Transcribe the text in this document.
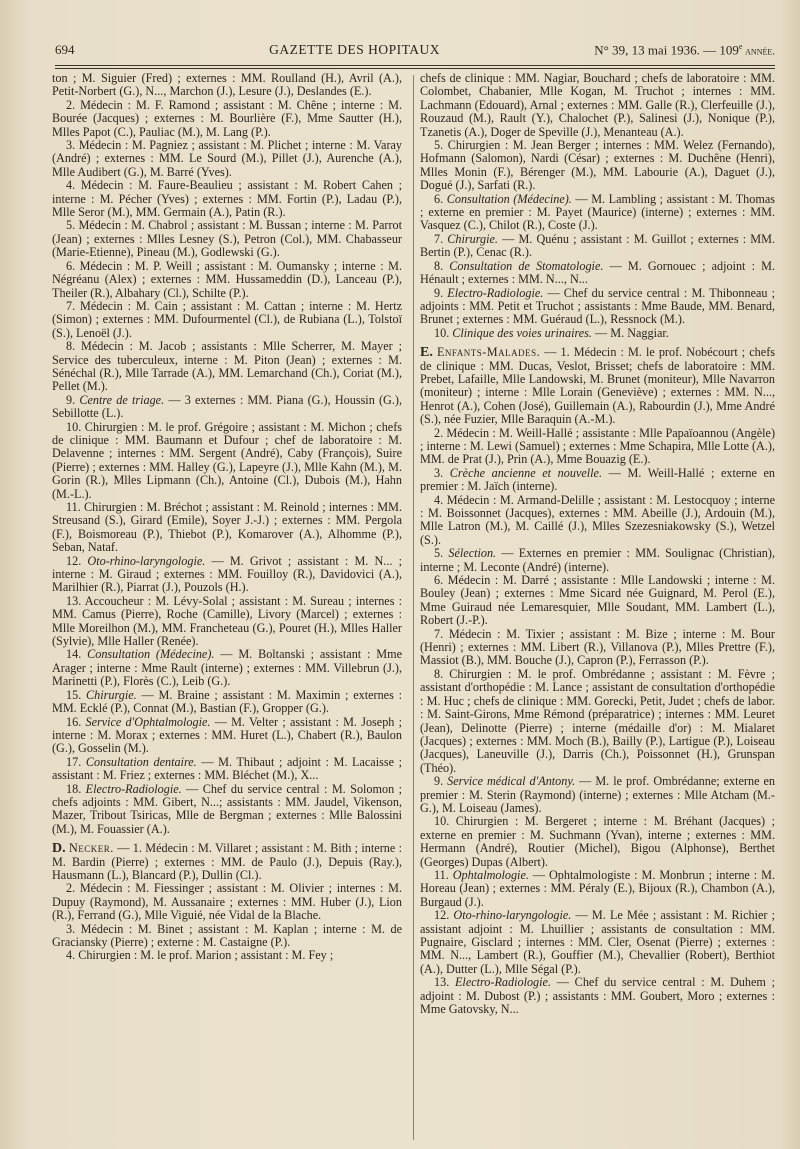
694	GAZETTE DES HOPITAUX	N° 39, 13 mai 1936. — 109e année.

ton ; M. Siguier (Fred) ; externes : MM. Roulland (H.), Avril (A.), Petit-Norbert (G.), N..., Marchon (J.), Lesure (J.), Deslandes (E.).

2. Médecin : M. F. Ramond ; assistant : M. Chêne ; interne : M. Bourée (Jacques) ; externes : M. Bourlière (F.), Mme Sautter (H.), Mlles Papot (C.), Pauliac (M.), M. Lang (P.).

3. Médecin : M. Pagniez ; assistant : M. Plichet ; interne : M. Varay (André) ; externes : MM. Le Sourd (M.), Pillet (J.), Aurenche (A.), Mlle Audibert (G.), M. Barré (Yves).

4. Médecin : M. Faure-Beaulieu ; assistant : M. Robert Cahen ; interne : M. Pécher (Yves) ; externes : MM. Fortin (P.), Ladau (P.), Mlle Seror (M.), MM. Germain (A.), Patin (R.).

5. Médecin : M. Chabrol ; assistant : M. Bussan ; interne : M. Parrot (Jean) ; externes : Mlles Lesney (S.), Petron (Col.), MM. Chabasseur (Marie-Etienne), Pineau (M.), Godlewski (G.).

6. Médecin : M. P. Weill ; assistant : M. Oumansky ; interne : M. Négréanu (Alex) ; externes : MM. Hussameddin (D.), Lanceau (P.), Theiler (R.), Albahary (Cl.), Schilte (P.).

7. Médecin : M. Cain ; assistant : M. Cattan ; interne : M. Hertz (Simon) ; externes : MM. Dufourmentel (Cl.), de Rubiana (L.), Tolstoï (S.), Lenoël (J.).

8. Médecin : M. Jacob ; assistants : Mlle Scherrer, M. Mayer ; Service des tuberculeux, interne : M. Piton (Jean) ; externes : M. Sénéchal (R.), Mlle Tarrade (A.), MM. Lemarchand (Ch.), Coriat (M.), Pellet (M.).

9. Centre de triage. — 3 externes : MM. Piana (G.), Houssin (G.), Sebillotte (L.).

10. Chirurgien : M. le prof. Grégoire ; assistant : M. Michon ; chefs de clinique : MM. Baumann et Dufour ; chef de laboratoire : M. Delavenne ; internes : MM. Sergent (André), Caby (François), Suire (Pierre) ; externes : MM. Halley (G.), Lapeyre (J.), Mlle Kahn (M.), M. Gorin (R.), Mlles Lipmann (Ch.), Antoine (Cl.), Dubois (M.), Hahn (M.-L.).

11. Chirurgien : M. Bréchot ; assistant : M. Reinold ; internes : MM. Streusand (S.), Girard (Emile), Soyer J.-J.) ; externes : MM. Pergola (F.), Boismoreau (P.), Thiebot (P.), Komarover (A.), Alhomme (P.), Seban, Nataf.

12. Oto-rhino-laryngologie. — M. Grivot ; assistant : M. N... ; interne : M. Giraud ; externes : MM. Fouilloy (R.), Davidovici (A.), Marilhier (R.), Piarrat (J.), Pouzols (H.).

13. Accoucheur : M. Lévy-Solal ; assistant : M. Sureau ; internes : MM. Camus (Pierre), Roche (Camille), Livory (Marcel) ; externes : Mlle Moreilhon (M.), MM. Francheteau (G.), Pouret (H.), Mlles Haller (Sylvie), Mlle Haller (Renée).

14. Consultation (Médecine). — M. Boltanski ; assistant : Mme Arager ; interne : Mme Rault (interne) ; externes : MM. Villebrun (J.), Marinetti (P.), Florès (C.), Leib (G.).

15. Chirurgie. — M. Braine ; assistant : M. Maximin ; externes : MM. Ecklé (P.), Connat (M.), Bastian (F.), Gropper (G.).

16. Service d'Ophtalmologie. — M. Velter ; assistant : M. Joseph ; interne : M. Morax ; externes : MM. Huret (L.), Chabert (R.), Baulon (G.), Gosselin (M.).

17. Consultation dentaire. — M. Thibaut ; adjoint : M. Lacaisse ; assistant : M. Friez ; externes : MM. Bléchet (M.), X...

18. Electro-Radiologie. — Chef du service central : M. Solomon ; chefs adjoints : MM. Gibert, N...; assistants : MM. Jaudel, Vikenson, Mazer, Tribout Tsiricas, Mlle de Bergman ; externes : Mlle Balossini (M.), M. Fouassier (A.).

D. Necker. — 1. Médecin : M. Villaret ; assistant : M. Bith ; interne : M. Bardin (Pierre) ; externes : MM. de Paulo (J.), Depuis (Ray.), Hausmann (L.), Blancard (P.), Dullin (Cl.).

2. Médecin : M. Fiessinger ; assistant : M. Olivier ; internes : M. Dupuy (Raymond), M. Aussanaire ; externes : MM. Huber (J.), Lion (R.), Ferrand (G.), Mlle Viguié, née Vidal de la Blache.

3. Médecin : M. Binet ; assistant : M. Kaplan ; interne : M. de Graciansky (Pierre) ; externe : M. Castaigne (P.).

4. Chirurgien : M. le prof. Marion ; assistant : M. Fey ;

chefs de clinique : MM. Nagiar, Bouchard ; chefs de laboratoire : MM. Colombet, Chabanier, Mlle Kogan, M. Truchot ; internes : MM. Lachmann (Edouard), Arnal ; externes : MM. Galle (R.), Clerfeuille (J.), Rouzaud (M.), Rault (Y.), Chalochet (P.), Salinesi (J.), Nonique (P.), Tzanetis (A.), Doger de Speville (J.), Menanteau (A.).

5. Chirurgien : M. Jean Berger ; internes : MM. Welez (Fernando), Hofmann (Salomon), Nardi (César) ; externes : M. Duchêne (Henri), Mlles Monin (F.), Bérenger (M.), MM. Labourie (A.), Daguet (J.), Dogué (J.), Sarfati (R.).

6. Consultation (Médecine). — M. Lambling ; assistant : M. Thomas ; externe en premier : M. Payet (Maurice) (interne) ; externes : MM. Vasquez (C.), Chilot (R.), Coste (J.).

7. Chirurgie. — M. Quénu ; assistant : M. Guillot ; externes : MM. Bertin (P.), Cenac (R.).

8. Consultation de Stomatologie. — M. Gornouec ; adjoint : M. Hénault ; externes : MM. N..., N...

9. Electro-Radiologie. — Chef du service central : M. Thibonneau ; adjoints : MM. Petit et Truchot ; assistants : Mme Baude, MM. Benard, Brunet ; externes : MM. Guéraud (L.), Ressnock (M.).

10. Clinique des voies urinaires. — M. Naggiar.

E. Enfants-Malades. — 1. Médecin : M. le prof. Nobécourt ; chefs de clinique : MM. Ducas, Veslot, Brisset; chefs de laboratoire : MM. Prebet, Lafaille, Mlle Landowski, M. Brunet (moniteur), Mlle Navarron (moniteur) ; interne : Mlle Lorain (Geneviève) ; externes : MM. N..., Henrot (A.), Cohen (José), Guillemain (A.), Rabourdin (J.), Mme André (S.), née Fuzier, Mlle Baraquin (A.-M.).

2. Médecin : M. Weill-Hallé ; assistante : Mlle Papaïoannou (Angèle) ; interne : M. Lewi (Samuel) ; externes : Mme Schapira, Mlle Lotte (A.), MM. de Prat (J.), Prin (A.), Mme Bouazig (E.).

3. Crèche ancienne et nouvelle. — M. Weill-Hallé ; externe en premier : M. Jaïch (interne).

4. Médecin : M. Armand-Delille ; assistant : M. Lestocquoy ; interne : M. Boissonnet (Jacques), externes : MM. Abeille (J.), Ardouin (M.), Mlle Latron (M.), M. Caillé (J.), Mlles Szezesniakowsky (S.), Wetzel (S.).

5. Sélection. — Externes en premier : MM. Soulignac (Christian), interne ; M. Leconte (André) (interne).

6. Médecin : M. Darré ; assistante : Mlle Landowski ; interne : M. Bouley (Jean) ; externes : Mme Sicard née Guignard, M. Perol (E.), Mme Guiraud née Lemaresquier, Mlle Soudant, MM. Lambert (L.), Robert (J.-P.).

7. Médecin : M. Tixier ; assistant : M. Bize ; interne : M. Bour (Henri) ; externes : MM. Libert (R.), Villanova (P.), Mlles Prettre (F.), Massiot (B.), MM. Bouche (J.), Capron (P.), Ferrasson (P.).

8. Chirurgien : M. le prof. Ombrédanne ; assistant : M. Fèvre ; assistant d'orthopédie : M. Lance ; assistant de consultation d'orthopédie : M. Huc ; chefs de clinique : MM. Gorecki, Petit, Judet ; chefs de labor. : M. Saint-Girons, Mme Rémond (préparatrice) ; internes : MM. Leuret (Jean), Delinotte (Pierre) ; interne (médaille d'or) : M. Mialaret (Jacques) ; externes : MM. Moch (B.), Bailly (P.), Lartigue (P.), Loiseau (Jacques), Laneuville (J.), Darris (Ch.), Poissonnet (H.), Grunspan (Théo).

9. Service médical d'Antony. — M. le prof. Ombrédanne; externe en premier : M. Sterin (Raymond) (interne) ; externes : Mlle Atcham (M.-G.), M. Loiseau (James).

10. Chirurgien : M. Bergeret ; interne : M. Bréhant (Jacques) ; externe en premier : M. Suchmann (Yvan), interne ; externes : MM. Hermann (André), Routier (Michel), Bigou (Alphonse), Berthet (Georges) Dupas (Albert).

11. Ophtalmologie. — Ophtalmologiste : M. Monbrun ; interne : M. Horeau (Jean) ; externes : MM. Péraly (E.), Bijoux (R.), Chambon (A.), Burgaud (J.).

12. Oto-rhino-laryngologie. — M. Le Mée ; assistant : M. Richier ; assistant adjoint : M. Lhuillier ; assistants de consultation : MM. Pugnaire, Gisclard ; internes : MM. Cler, Osenat (Pierre) ; externes : MM. N..., Lambert (R.), Gouffier (M.), Chevallier (Robert), Berthiot (A.), Dutter (L.), Mlle Ségal (P.).

13. Electro-Radiologie. — Chef du service central : M. Duhem ; adjoint : M. Dubost (P.) ; assistants : MM. Goubert, Moro ; externes : Mme Gatovsky, N...
